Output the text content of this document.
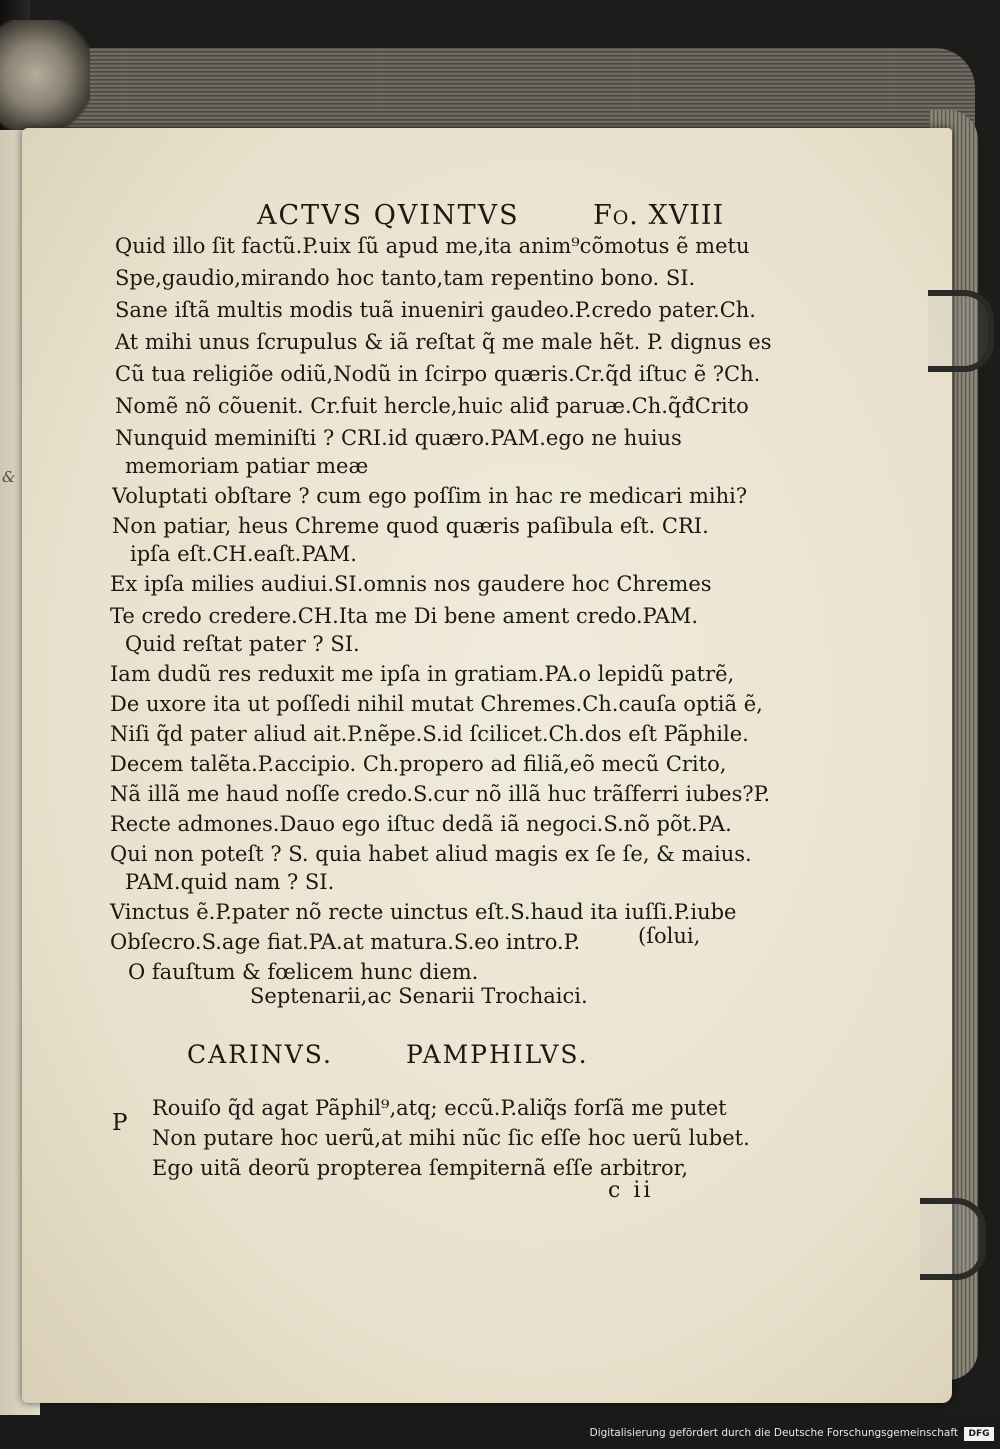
&
ACTVS QVINTVS	Fo. XVIII
Quid illo ſit factũ.P.uix ſũ apud me,ita anim⁹cõmotus ẽ metu
Spe,gaudio,mirando hoc tanto,tam repentino bono. SI.
Sane iſtã multis modis tuã inueniri gaudeo.P.credo pater.Ch.
At mihi unus ſcrupulus & iã reſtat q̃ me male hẽt. P. dignus es
Cũ tua religiõe odiũ,Nodũ in ſcirpo quæris.Cr.q̃d iſtuc ẽ ?Ch.
Nomẽ nõ cõuenit. Cr.fuit hercle,huic aliđ paruæ.Ch.q̃đCrito
Nunquid meminiſti ? CRI.id quæro.PAM.ego ne huius
memoriam patiar meæ
Voluptati obſtare ? cum ego poſſim in hac re medicari mihi?
Non patiar, heus Chreme quod quæris paſibula eſt. CRI.
ipſa eſt.CH.eaſt.PAM.
Ex ipſa milies audiui.SI.omnis nos gaudere hoc Chremes
Te credo credere.CH.Ita me Di bene ament credo.PAM.
Quid reſtat pater ? SI.
Iam dudũ res reduxit me ipſa in gratiam.PA.o lepidũ patrẽ,
De uxore ita ut poſſedi nihil mutat Chremes.Ch.cauſa optiã ẽ,
Niſi q̃d pater aliud ait.P.nẽpe.S.id ſcilicet.Ch.dos eſt Pãphile.
Decem talẽta.P.accipio. Ch.propero ad filiã,eõ mecũ Crito,
Nã illã me haud noſſe credo.S.cur nõ illã huc trãſferri iubes?P.
Recte admones.Dauo ego iſtuc dedã iã negoci.S.nõ põt.PA.
Qui non poteſt ? S. quia habet aliud magis ex ſe ſe, & maius.
PAM.quid nam ? SI.
Vinctus ẽ.P.pater nõ recte uinctus eſt.S.haud ita iuſſi.P.iube
Obſecro.S.age fiat.PA.at matura.S.eo intro.P.	(ſolui,
O fauſtum & fœlicem hunc diem.
Septenarii,ac Senarii Trochaici.
CARINVS.	PAMPHILVS.
P
Rouiſo q̃d agat Pãphil⁹,atq; eccũ.P.aliq̃s forſã me putet
Non putare hoc uerũ,at mihi nũc ſic eſſe hoc uerũ lubet.
Ego uitã deorũ propterea ſempiternã eſſe arbitror,
c ii
Digitalisierung gefördert durch die Deutsche Forschungsgemeinschaft	DFG
